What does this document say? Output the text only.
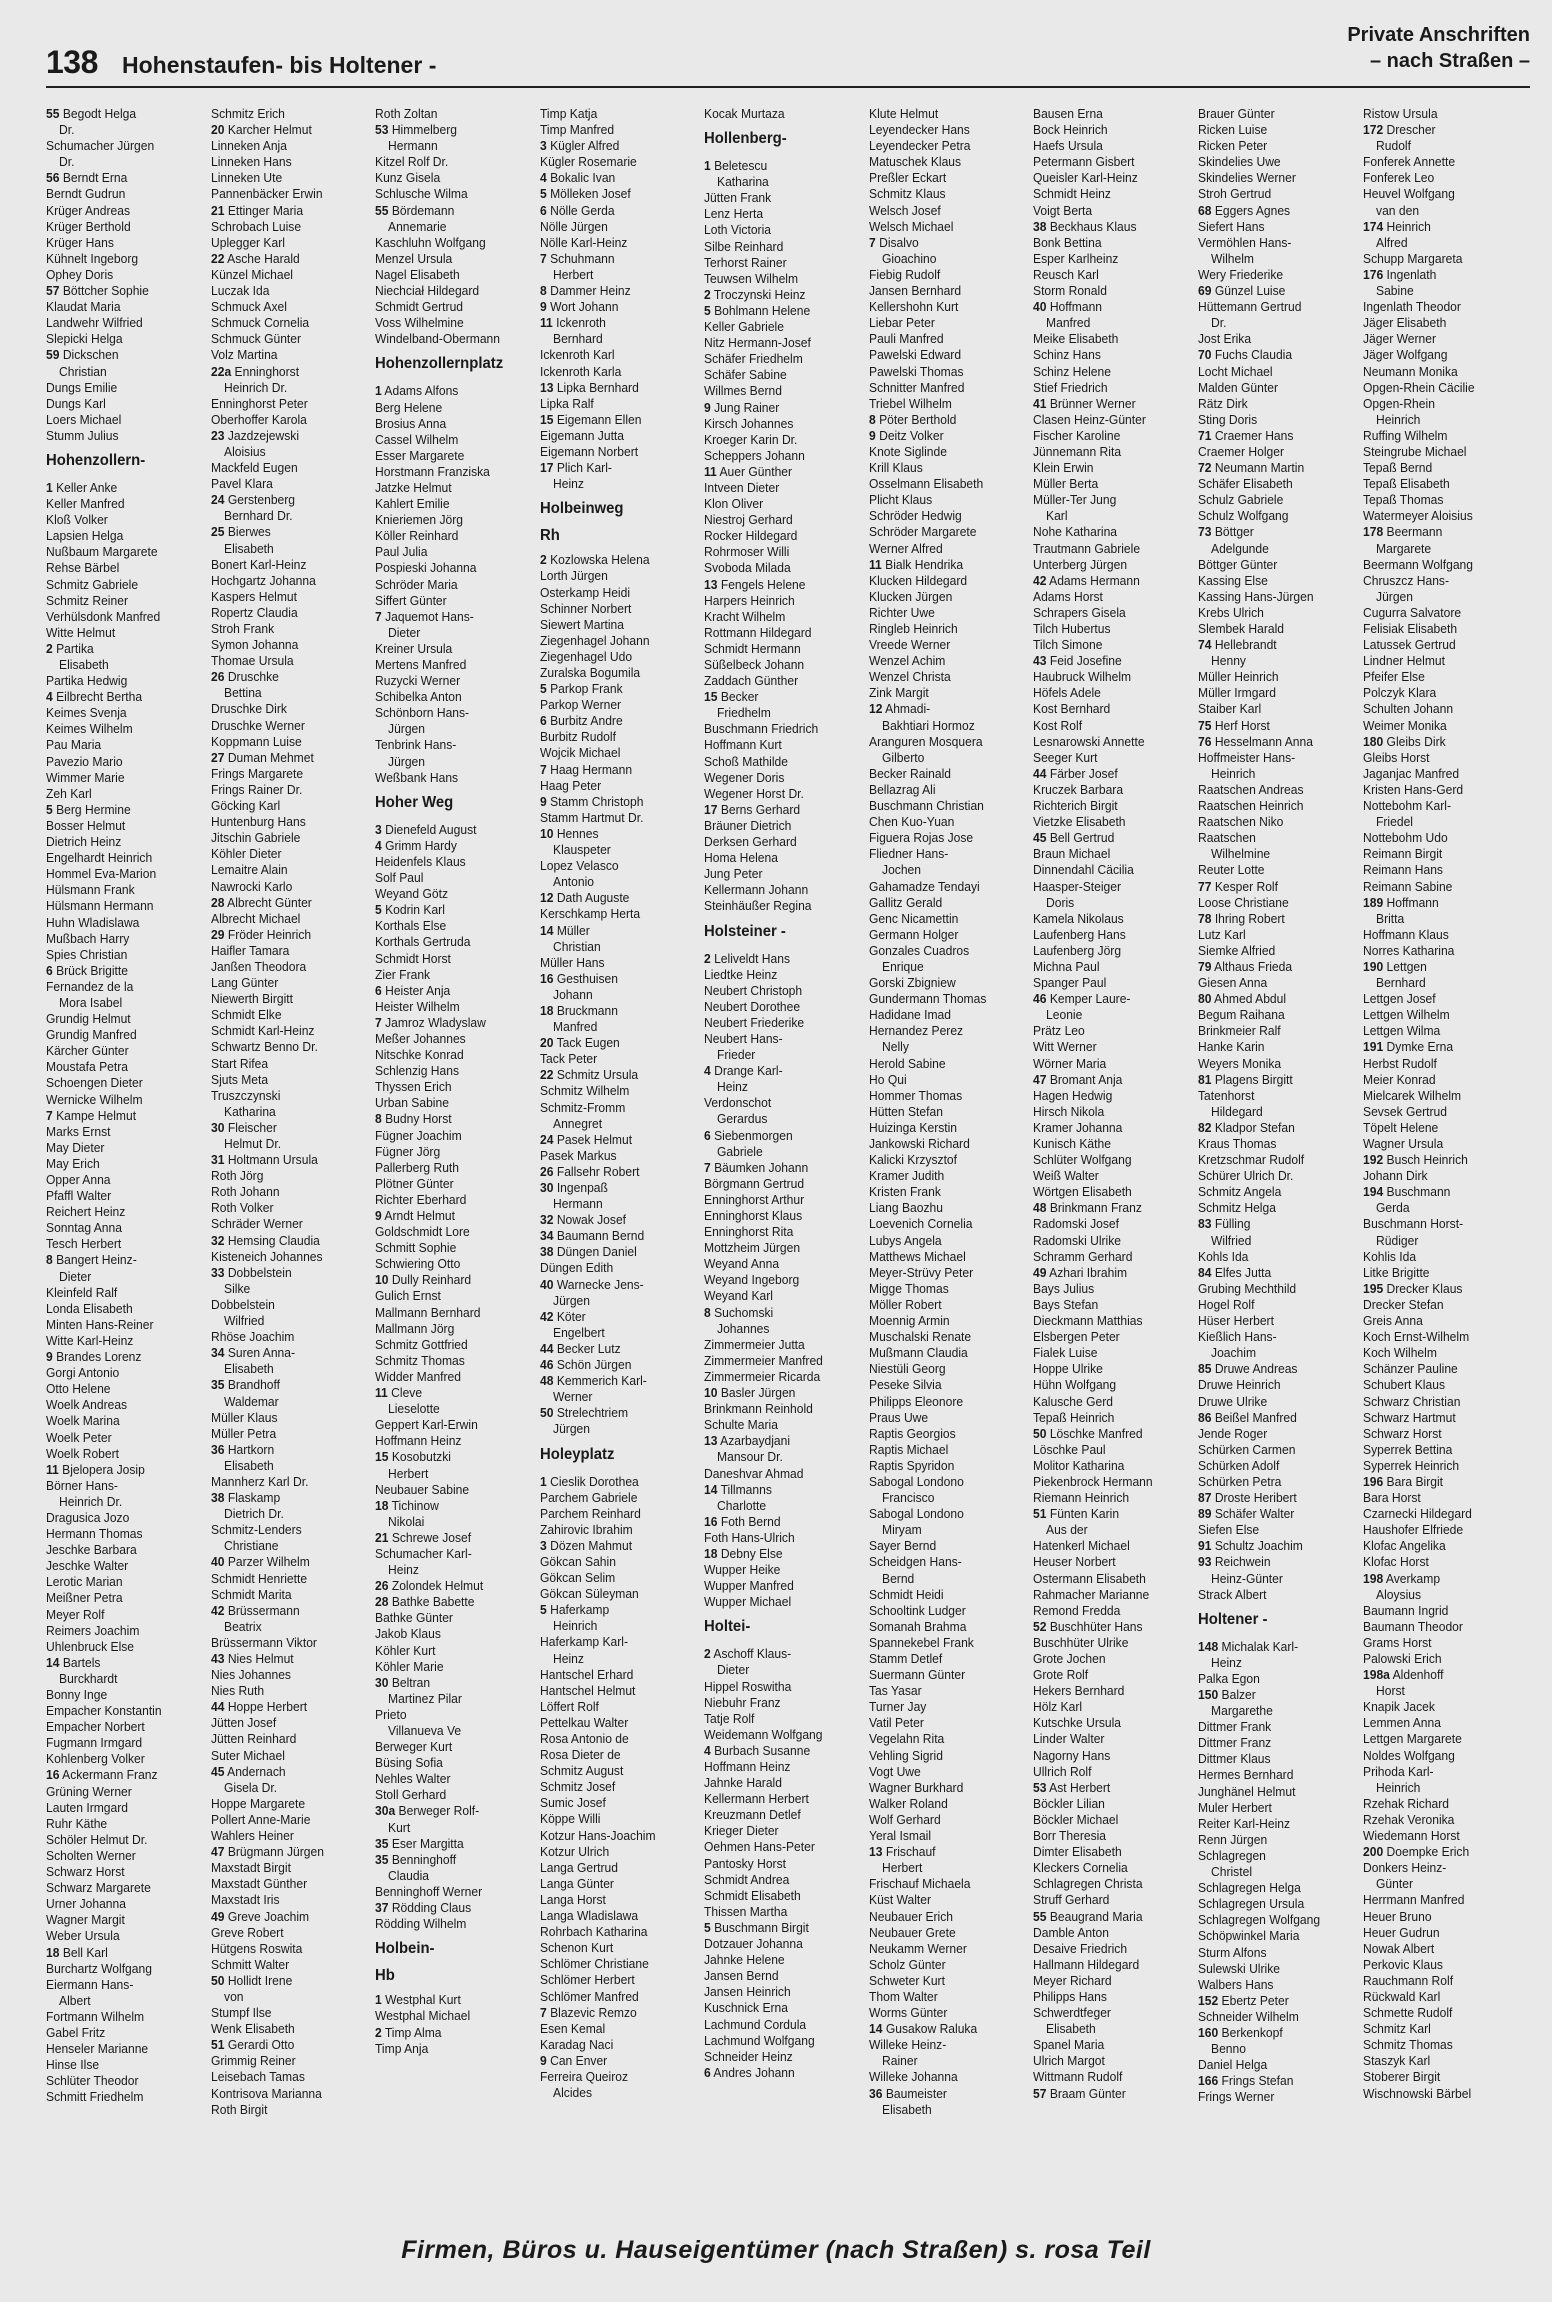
138 Hohenstaufen- bis Holtener -
Private Anschriften
– nach Straßen –
55 Begodt Helga
Dr.
Schumacher Jürgen
Dr.
56 Berndt Erna
Berndt Gudrun
Krüger Andreas
Krüger Berthold
Krüger Hans
Kühnelt Ingeborg
Ophey Doris
57 Böttcher Sophie
Klaudat Maria
Landwehr Wilfried
Slepicki Helga
59 Dickschen
Christian
Dungs Emilie
Dungs Karl
Loers Michael
Stumm Julius
Hohenzollern-
1 Keller Anke
Keller Manfred
Kloß Volker
Lapsien Helga
Nußbaum Margarete
Rehse Bärbel
Schmitz Gabriele
Schmitz Reiner
Verhülsdonk Manfred
Witte Helmut
2 Partika
Elisabeth
Partika Hedwig
4 Eilbrecht Bertha
Keimes Svenja
Keimes Wilhelm
Pau Maria
Pavezio Mario
Wimmer Marie
Zeh Karl
5 Berg Hermine
Bosser Helmut
Dietrich Heinz
Engelhardt Heinrich
Hommel Eva-Marion
Hülsmann Frank
Hülsmann Hermann
Huhn Wladislawa
Mußbach Harry
Spies Christian
6 Brück Brigitte
Fernandez de la
Mora Isabel
Grundig Helmut
Grundig Manfred
Kärcher Günter
Moustafa Petra
Schoengen Dieter
Wernicke Wilhelm
7 Kampe Helmut
Marks Ernst
May Dieter
May Erich
Opper Anna
Pfaffl Walter
Reichert Heinz
Sonntag Anna
Tesch Herbert
8 Bangert Heinz-
Dieter
Kleinfeld Ralf
Londa Elisabeth
Minten Hans-Reiner
Witte Karl-Heinz
9 Brandes Lorenz
Gorgi Antonio
Otto Helene
Woelk Andreas
Woelk Marina
Woelk Peter
Woelk Robert
11 Bjelopera Josip
Börner Hans-
Heinrich Dr.
Dragusica Jozo
Hermann Thomas
Jeschke Barbara
Jeschke Walter
Lerotic Marian
Meißner Petra
Meyer Rolf
Reimers Joachim
Uhlenbruck Else
14 Bartels
Burckhardt
Bonny Inge
Empacher Konstantin
Empacher Norbert
Fugmann Irmgard
Kohlenberg Volker
16 Ackermann Franz
Grüning Werner
Lauten Irmgard
Ruhr Käthe
Schöler Helmut Dr.
Scholten Werner
Schwarz Horst
Schwarz Margarete
Urner Johanna
Wagner Margit
Weber Ursula
18 Bell Karl
Burchartz Wolfgang
Eiermann Hans-
Albert
Fortmann Wilhelm
Gabel Fritz
Henseler Marianne
Hinse Ilse
Schlüter Theodor
Schmitt Friedhelm
Schmitz Erich
20 Karcher Helmut
Linneken Anja
Linneken Hans
Linneken Ute
Pannenbäcker Erwin
21 Ettinger Maria
Schrobach Luise
Uplegger Karl
22 Asche Harald
Künzel Michael
Luczak Ida
Schmuck Axel
Schmuck Cornelia
Schmuck Günter
Volz Martina
22a Enninghorst
Heinrich Dr.
Enninghorst Peter
Oberhoffer Karola
23 Jazdzejewski
Aloisius
Mackfeld Eugen
Pavel Klara
24 Gerstenberg
Bernhard Dr.
25 Bierwes
Elisabeth
Bonert Karl-Heinz
Hochgartz Johanna
Kaspers Helmut
Ropertz Claudia
Stroh Frank
Symon Johanna
Thomae Ursula
26 Druschke
Bettina
Druschke Dirk
Druschke Werner
Koppmann Luise
27 Duman Mehmet
Frings Margarete
Frings Rainer Dr.
Göcking Karl
Huntenburg Hans
Jitschin Gabriele
Köhler Dieter
Lemaitre Alain
Nawrocki Karlo
28 Albrecht Günter
Albrecht Michael
29 Fröder Heinrich
Haifler Tamara
Janßen Theodora
Lang Günter
Niewerth Birgitt
Schmidt Elke
Schmidt Karl-Heinz
Schwartz Benno Dr.
Start Rifea
Sjuts Meta
Truszczynski
Katharina
30 Fleischer
Helmut Dr.
31 Holtmann Ursula
Roth Jörg
Roth Johann
Roth Volker
Schräder Werner
32 Hemsing Claudia
Kisteneich Johannes
33 Dobbelstein
Silke
Dobbelstein
Wilfried
Rhöse Joachim
34 Suren Anna-
Elisabeth
35 Brandhoff
Waldemar
Müller Klaus
Müller Petra
36 Hartkorn
Elisabeth
Mannherz Karl Dr.
38 Flaskamp
Dietrich Dr.
Schmitz-Lenders
Christiane
40 Parzer Wilhelm
Schmidt Henriette
Schmidt Marita
42 Brüssermann
Beatrix
Brüssermann Viktor
43 Nies Helmut
Nies Johannes
Nies Ruth
44 Hoppe Herbert
Jütten Josef
Jütten Reinhard
Suter Michael
45 Andernach
Gisela Dr.
Hoppe Margarete
Pollert Anne-Marie
Wahlers Heiner
47 Brügmann Jürgen
Maxstadt Birgit
Maxstadt Günther
Maxstadt Iris
49 Greve Joachim
Greve Robert
Hütgens Roswita
Schmitt Walter
50 Hollidt Irene
von
Stumpf Ilse
Wenk Elisabeth
51 Gerardi Otto
Grimmig Reiner
Leisebach Tamas
Kontrisova Marianna
Roth Birgit
Roth Zoltan
53 Himmelberg
Hermann
Kitzel Rolf Dr.
Kunz Gisela
Schlusche Wilma
55 Bördemann
Annemarie
Kaschluhn Wolfgang
Menzel Ursula
Nagel Elisabeth
Niechciał Hildegard
Schmidt Gertrud
Voss Wilhelmine
Windelband-Obermann
Hohenzollernplatz
1 Adams Alfons
Berg Helene
Brosius Anna
Cassel Wilhelm
Esser Margarete
Horstmann Franziska
Jatzke Helmut
Kahlert Emilie
Knieriemen Jörg
Köller Reinhard
Paul Julia
Pospieski Johanna
Schröder Maria
Siffert Günter
7 Jaquemot Hans-
Dieter
Kreiner Ursula
Mertens Manfred
Ruzycki Werner
Schibelka Anton
Schönborn Hans-
Jürgen
Tenbrink Hans-
Jürgen
Weßbank Hans
Hoher Weg
3 Dienefeld August
4 Grimm Hardy
Heidenfels Klaus
Solf Paul
Weyand Götz
5 Kodrin Karl
Korthals Else
Korthals Gertruda
Schmidt Horst
Zier Frank
6 Heister Anja
Heister Wilhelm
7 Jamroz Wladyslaw
Meßer Johannes
Nitschke Konrad
Schlenzig Hans
Thyssen Erich
Urban Sabine
8 Budny Horst
Fügner Joachim
Fügner Jörg
Pallerberg Ruth
Plötner Günter
Richter Eberhard
9 Arndt Helmut
Goldschmidt Lore
Schmitt Sophie
Schwiering Otto
10 Dully Reinhard
Gulich Ernst
Mallmann Bernhard
Mallmann Jörg
Schmitz Gottfried
Schmitz Thomas
Widder Manfred
11 Cleve
Lieselotte
Geppert Karl-Erwin
Hoffmann Heinz
15 Kosobutzki
Herbert
Neubauer Sabine
18 Tichinow
Nikolai
21 Schrewe Josef
Schumacher Karl-
Heinz
26 Zolondek Helmut
28 Bathke Babette
Bathke Günter
Jakob Klaus
Köhler Kurt
Köhler Marie
30 Beltran
Martinez Pilar
Prieto
Villanueva Ve
Berweger Kurt
Büsing Sofia
Nehles Walter
Stoll Gerhard
30a Berweger Rolf-
Kurt
35 Eser Margitta
35 Benninghoff
Claudia
Benninghoff Werner
37 Rödding Claus
Rödding Wilhelm
Holbein-
Hb
1 Westphal Kurt
Westphal Michael
2 Timp Alma
Timp Anja
Timp Katja
Timp Manfred
3 Kügler Alfred
Kügler Rosemarie
4 Bokalic Ivan
5 Mölleken Josef
6 Nölle Gerda
Nölle Jürgen
Nölle Karl-Heinz
7 Schuhmann
Herbert
8 Dammer Heinz
9 Wort Johann
11 Ickenroth
Bernhard
Ickenroth Karl
Ickenroth Karla
13 Lipka Bernhard
Lipka Ralf
15 Eigemann Ellen
Eigemann Jutta
Eigemann Norbert
17 Plich Karl-
Heinz
Holbeinweg
Rh
2 Kozlowska Helena
Lorth Jürgen
Osterkamp Heidi
Schinner Norbert
Siewert Martina
Ziegenhagel Johann
Ziegenhagel Udo
Zuralska Bogumila
5 Parkop Frank
Parkop Werner
6 Burbitz Andre
Burbitz Rudolf
Wojcik Michael
7 Haag Hermann
Haag Peter
9 Stamm Christoph
Stamm Hartmut Dr.
10 Hennes
Klauspeter
Lopez Velasco
Antonio
12 Dath Auguste
Kerschkamp Herta
14 Müller
Christian
Müller Hans
16 Gesthuisen
Johann
18 Bruckmann
Manfred
20 Tack Eugen
Tack Peter
22 Schmitz Ursula
Schmitz Wilhelm
Schmitz-Fromm
Annegret
24 Pasek Helmut
Pasek Markus
26 Fallsehr Robert
30 Ingenpaß
Hermann
32 Nowak Josef
34 Baumann Bernd
38 Düngen Daniel
Düngen Edith
40 Warnecke Jens-
Jürgen
42 Köter
Engelbert
44 Becker Lutz
46 Schön Jürgen
48 Kemmerich Karl-
Werner
50 Strelechtriem
Jürgen
Holeyplatz
1 Cieslik Dorothea
Parchem Gabriele
Parchem Reinhard
Zahirovic Ibrahim
3 Dözen Mahmut
Gökcan Sahin
Gökcan Selim
Gökcan Süleyman
5 Haferkamp
Heinrich
Haferkamp Karl-
Heinz
Hantschel Erhard
Hantschel Helmut
Löffert Rolf
Pettelkau Walter
Rosa Antonio de
Rosa Dieter de
Schmitz August
Schmitz Josef
Sumic Josef
Köppe Willi
Kotzur Hans-Joachim
Kotzur Ulrich
Langa Gertrud
Langa Günter
Langa Horst
Langa Wladislawa
Rohrbach Katharina
Schenon Kurt
Schlömer Christiane
Schlömer Herbert
Schlömer Manfred
7 Blazevic Remzo
Esen Kemal
Karadag Naci
9 Can Enver
Ferreira Queiroz
Alcides
Kocak Murtaza
Hollenberg-
1 Beletescu
Katharina
Jütten Frank
Lenz Herta
Loth Victoria
Silbe Reinhard
Terhorst Rainer
Teuwsen Wilhelm
2 Troczynski Heinz
5 Bohlmann Helene
Keller Gabriele
Nitz Hermann-Josef
Schäfer Friedhelm
Schäfer Sabine
Willmes Bernd
9 Jung Rainer
Kirsch Johannes
Kroeger Karin Dr.
Scheppers Johann
11 Auer Günther
Intveen Dieter
Klon Oliver
Niestroj Gerhard
Rocker Hildegard
Rohrmoser Willi
Svoboda Milada
13 Fengels Helene
Harpers Heinrich
Kracht Wilhelm
Rottmann Hildegard
Schmidt Hermann
Süßelbeck Johann
Zaddach Günther
15 Becker
Friedhelm
Buschmann Friedrich
Hoffmann Kurt
Schoß Mathilde
Wegener Doris
Wegener Horst Dr.
17 Berns Gerhard
Bräuner Dietrich
Derksen Gerhard
Homa Helena
Jung Peter
Kellermann Johann
Steinhäußer Regina
Holsteiner -
2 Leliveldt Hans
Liedtke Heinz
Neubert Christoph
Neubert Dorothee
Neubert Friederike
Neubert Hans-
Frieder
4 Drange Karl-
Heinz
Verdonschot
Gerardus
6 Siebenmorgen
Gabriele
7 Bäumken Johann
Börgmann Gertrud
Enninghorst Arthur
Enninghorst Klaus
Enninghorst Rita
Mottzheim Jürgen
Weyand Anna
Weyand Ingeborg
Weyand Karl
8 Suchomski
Johannes
Zimmermeier Jutta
Zimmermeier Manfred
Zimmermeier Ricarda
10 Basler Jürgen
Brinkmann Reinhold
Schulte Maria
13 Azarbaydjani
Mansour Dr.
Daneshvar Ahmad
14 Tillmanns
Charlotte
16 Foth Bernd
Foth Hans-Ulrich
18 Debny Else
Wupper Heike
Wupper Manfred
Wupper Michael
Holtei-
2 Aschoff Klaus-
Dieter
Hippel Roswitha
Niebuhr Franz
Tatje Rolf
Weidemann Wolfgang
4 Burbach Susanne
Hoffmann Heinz
Jahnke Harald
Kellermann Herbert
Kreuzmann Detlef
Krieger Dieter
Oehmen Hans-Peter
Pantosky Horst
Schmidt Andrea
Schmidt Elisabeth
Thissen Martha
5 Buschmann Birgit
Dotzauer Johanna
Jahnke Helene
Jansen Bernd
Jansen Heinrich
Kuschnick Erna
Lachmund Cordula
Lachmund Wolfgang
Schneider Heinz
6 Andres Johann
Klute Helmut
Leyendecker Hans
Leyendecker Petra
Matuschek Klaus
Preßler Eckart
Schmitz Klaus
Welsch Josef
Welsch Michael
7 Disalvo
Gioachino
Fiebig Rudolf
Jansen Bernhard
Kellershohn Kurt
Liebar Peter
Pauli Manfred
Pawelski Edward
Pawelski Thomas
Schnitter Manfred
Triebel Wilhelm
8 Pöter Berthold
9 Deitz Volker
Knote Siglinde
Krill Klaus
Osselmann Elisabeth
Plicht Klaus
Schröder Hedwig
Schröder Margarete
Werner Alfred
11 Bialk Hendrika
Klucken Hildegard
Klucken Jürgen
Richter Uwe
Ringleb Heinrich
Vreede Werner
Wenzel Achim
Wenzel Christa
Zink Margit
12 Ahmadi-
Bakhtiari Hormoz
Aranguren Mosquera
Gilberto
Becker Rainald
Bellazrag Ali
Buschmann Christian
Chen Kuo-Yuan
Figuera Rojas Jose
Fliedner Hans-
Jochen
Gahamadze Tendayi
Gallitz Gerald
Genc Nicamettin
Germann Holger
Gonzales Cuadros
Enrique
Gorski Zbigniew
Gundermann Thomas
Hadidane Imad
Hernandez Perez
Nelly
Herold Sabine
Ho Qui
Hommer Thomas
Hütten Stefan
Huizinga Kerstin
Jankowski Richard
Kalicki Krzysztof
Kramer Judith
Kristen Frank
Liang Baozhu
Loevenich Cornelia
Lubys Angela
Matthews Michael
Meyer-Strüvy Peter
Migge Thomas
Möller Robert
Moennig Armin
Muschalski Renate
Mußmann Claudia
Niestüli Georg
Peseke Silvia
Philipps Eleonore
Praus Uwe
Raptis Georgios
Raptis Michael
Raptis Spyridon
Sabogal Londono
Francisco
Sabogal Londono
Miryam
Sayer Bernd
Scheidgen Hans-
Bernd
Schmidt Heidi
Schooltink Ludger
Somanah Brahma
Spannekebel Frank
Stamm Detlef
Suermann Günter
Tas Yasar
Turner Jay
Vatil Peter
Vegelahn Rita
Vehling Sigrid
Vogt Uwe
Wagner Burkhard
Walker Roland
Wolf Gerhard
Yeral Ismail
13 Frischauf
Herbert
Frischauf Michaela
Küst Walter
Neubauer Erich
Neubauer Grete
Neukamm Werner
Scholz Günter
Schweter Kurt
Thom Walter
Worms Günter
14 Gusakow Raluka
Willeke Heinz-
Rainer
Willeke Johanna
36 Baumeister
Elisabeth
Bausen Erna
Bock Heinrich
Haefs Ursula
Petermann Gisbert
Queisler Karl-Heinz
Schmidt Heinz
Voigt Berta
38 Beckhaus Klaus
Bonk Bettina
Esper Karlheinz
Reusch Karl
Storm Ronald
40 Hoffmann
Manfred
Meike Elisabeth
Schinz Hans
Schinz Helene
Stief Friedrich
41 Brünner Werner
Clasen Heinz-Günter
Fischer Karoline
Jünnemann Rita
Klein Erwin
Müller Berta
Müller-Ter Jung
Karl
Nohe Katharina
Trautmann Gabriele
Unterberg Jürgen
42 Adams Hermann
Adams Horst
Schrapers Gisela
Tilch Hubertus
Tilch Simone
43 Feid Josefine
Haubruck Wilhelm
Höfels Adele
Kost Bernhard
Kost Rolf
Lesnarowski Annette
Seeger Kurt
44 Färber Josef
Kruczek Barbara
Richterich Birgit
Vietzke Elisabeth
45 Bell Gertrud
Braun Michael
Dinnendahl Cäcilia
Haasper-Steiger
Doris
Kamela Nikolaus
Laufenberg Hans
Laufenberg Jörg
Michna Paul
Spanger Paul
46 Kemper Laure-
Leonie
Prätz Leo
Witt Werner
Wörner Maria
47 Bromant Anja
Hagen Hedwig
Hirsch Nikola
Kramer Johanna
Kunisch Käthe
Schlüter Wolfgang
Weiß Walter
Wörtgen Elisabeth
48 Brinkmann Franz
Radomski Josef
Radomski Ulrike
Schramm Gerhard
49 Azhari Ibrahim
Bays Julius
Bays Stefan
Dieckmann Matthias
Elsbergen Peter
Fialek Luise
Hoppe Ulrike
Hühn Wolfgang
Kalusche Gerd
Tepaß Heinrich
50 Löschke Manfred
Löschke Paul
Molitor Katharina
Piekenbrock Hermann
Riemann Heinrich
51 Fünten Karin
Aus der
Hatenkerl Michael
Heuser Norbert
Ostermann Elisabeth
Rahmacher Marianne
Remond Fredda
52 Buschhüter Hans
Buschhüter Ulrike
Grote Jochen
Grote Rolf
Hekers Bernhard
Hölz Karl
Kutschke Ursula
Linder Walter
Nagorny Hans
Ullrich Rolf
53 Ast Herbert
Böckler Lilian
Böckler Michael
Borr Theresia
Dimter Elisabeth
Kleckers Cornelia
Schlagregen Christa
Struff Gerhard
55 Beaugrand Maria
Damble Anton
Desaive Friedrich
Hallmann Hildegard
Meyer Richard
Philipps Hans
Schwerdtfeger
Elisabeth
Spanel Maria
Ulrich Margot
Wittmann Rudolf
57 Braam Günter
Brauer Günter
Ricken Luise
Ricken Peter
Skindelies Uwe
Skindelies Werner
Stroh Gertrud
68 Eggers Agnes
Siefert Hans
Vermöhlen Hans-
Wilhelm
Wery Friederike
69 Günzel Luise
Hüttemann Gertrud
Dr.
Jost Erika
70 Fuchs Claudia
Locht Michael
Malden Günter
Rätz Dirk
Sting Doris
71 Craemer Hans
Craemer Holger
72 Neumann Martin
Schäfer Elisabeth
Schulz Gabriele
Schulz Wolfgang
73 Böttger
Adelgunde
Böttger Günter
Kassing Else
Kassing Hans-Jürgen
Krebs Ulrich
Slembek Harald
74 Hellebrandt
Henny
Müller Heinrich
Müller Irmgard
Staiber Karl
75 Herf Horst
76 Hesselmann Anna
Hoffmeister Hans-
Heinrich
Raatschen Andreas
Raatschen Heinrich
Raatschen Niko
Raatschen
Wilhelmine
Reuter Lotte
77 Kesper Rolf
Loose Christiane
78 Ihring Robert
Lutz Karl
Siemke Alfried
79 Althaus Frieda
Giesen Anna
80 Ahmed Abdul
Begum Raihana
Brinkmeier Ralf
Hanke Karin
Weyers Monika
81 Plagens Birgitt
Tatenhorst
Hildegard
82 Kladpor Stefan
Kraus Thomas
Kretzschmar Rudolf
Schürer Ulrich Dr.
Schmitz Angela
Schmitz Helga
83 Fülling
Wilfried
Kohls Ida
84 Elfes Jutta
Grubing Mechthild
Hogel Rolf
Hüser Herbert
Kießlich Hans-
Joachim
85 Druwe Andreas
Druwe Heinrich
Druwe Ulrike
86 Beißel Manfred
Jende Roger
Schürken Carmen
Schürken Adolf
Schürken Petra
87 Droste Heribert
89 Schäfer Walter
Siefen Else
91 Schultz Joachim
93 Reichwein
Heinz-Günter
Strack Albert
Holtener -
148 Michalak Karl-
Heinz
Palka Egon
150 Balzer
Margarethe
Dittmer Frank
Dittmer Franz
Dittmer Klaus
Hermes Bernhard
Junghänel Helmut
Muler Herbert
Reiter Karl-Heinz
Renn Jürgen
Schlagregen
Christel
Schlagregen Helga
Schlagregen Ursula
Schlagregen Wolfgang
Schöpwinkel Maria
Sturm Alfons
Sulewski Ulrike
Walbers Hans
152 Ebertz Peter
Schneider Wilhelm
160 Berkenkopf
Benno
Daniel Helga
166 Frings Stefan
Frings Werner
Ristow Ursula
172 Drescher
Rudolf
Fonferek Annette
Fonferek Leo
Heuvel Wolfgang
van den
174 Heinrich
Alfred
Schupp Margareta
176 Ingenlath
Sabine
Ingenlath Theodor
Jäger Elisabeth
Jäger Werner
Jäger Wolfgang
Neumann Monika
Opgen-Rhein Cäcilie
Opgen-Rhein
Heinrich
Ruffing Wilhelm
Steingrube Michael
Tepaß Bernd
Tepaß Elisabeth
Tepaß Thomas
Watermeyer Aloisius
178 Beermann
Margarete
Beermann Wolfgang
Chruszcz Hans-
Jürgen
Cugurra Salvatore
Felisiak Elisabeth
Latussek Gertrud
Lindner Helmut
Pfeifer Else
Polczyk Klara
Schulten Johann
Weimer Monika
180 Gleibs Dirk
Gleibs Horst
Jaganjac Manfred
Kristen Hans-Gerd
Nottebohm Karl-
Friedel
Nottebohm Udo
Reimann Birgit
Reimann Hans
Reimann Sabine
189 Hoffmann
Britta
Hoffmann Klaus
Norres Katharina
190 Lettgen
Bernhard
Lettgen Josef
Lettgen Wilhelm
Lettgen Wilma
191 Dymke Erna
Herbst Rudolf
Meier Konrad
Mielcarek Wilhelm
Sevsek Gertrud
Töpelt Helene
Wagner Ursula
192 Busch Heinrich
Johann Dirk
194 Buschmann
Gerda
Buschmann Horst-
Rüdiger
Kohlis Ida
Litke Brigitte
195 Drecker Klaus
Drecker Stefan
Greis Anna
Koch Ernst-Wilhelm
Koch Wilhelm
Schänzer Pauline
Schubert Klaus
Schwarz Christian
Schwarz Hartmut
Schwarz Horst
Syperrek Bettina
Syperrek Heinrich
196 Bara Birgit
Bara Horst
Czarnecki Hildegard
Haushofer Elfriede
Klofac Angelika
Klofac Horst
198 Averkamp
Aloysius
Baumann Ingrid
Baumann Theodor
Grams Horst
Palowski Erich
198a Aldenhoff
Horst
Knapik Jacek
Lemmen Anna
Lettgen Margarete
Noldes Wolfgang
Prihoda Karl-
Heinrich
Rzehak Richard
Rzehak Veronika
Wiedemann Horst
200 Doempke Erich
Donkers Heinz-
Günter
Herrmann Manfred
Heuer Bruno
Heuer Gudrun
Nowak Albert
Perkovic Klaus
Rauchmann Rolf
Rückwald Karl
Schmette Rudolf
Schmitz Karl
Schmitz Thomas
Staszyk Karl
Stoberer Birgit
Wischnowski Bärbel
Firmen, Büros u. Hauseigentümer (nach Straßen) s. rosa Teil
